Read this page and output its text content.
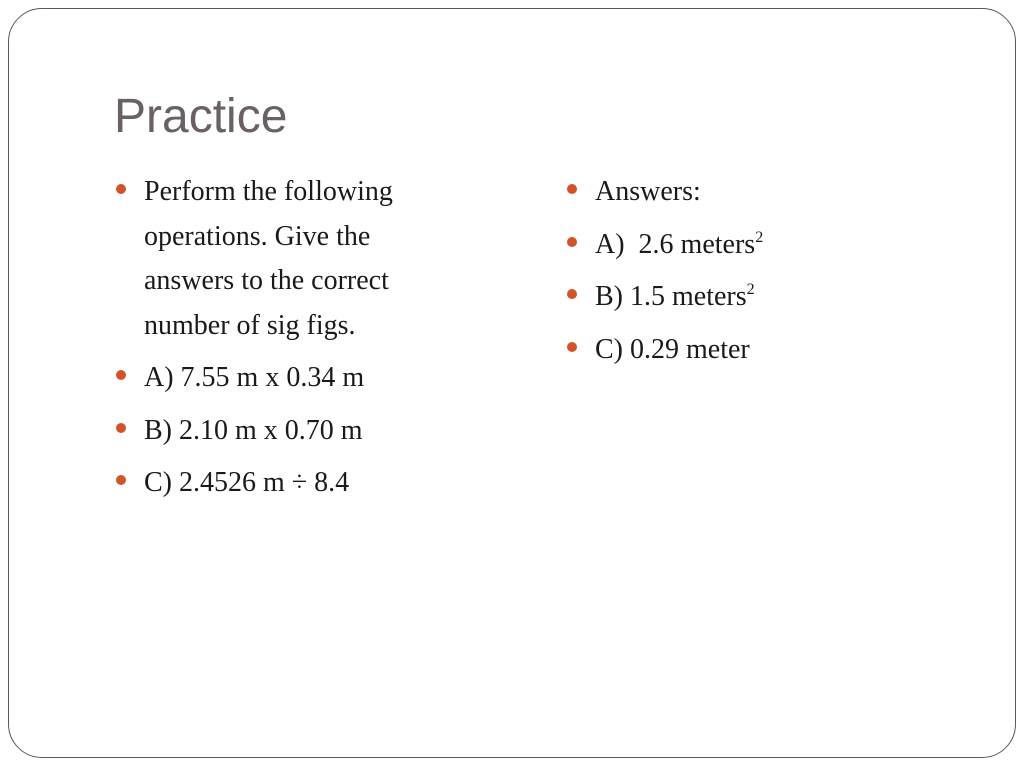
Practice
Perform the following operations. Give the answers to the correct number of sig figs.
A) 7.55 m x 0.34 m
B) 2.10 m x 0.70 m
C) 2.4526 m ÷ 8.4
Answers:
A)  2.6 meters$^2$
B) 1.5 meters$^2$
C) 0.29 meter
